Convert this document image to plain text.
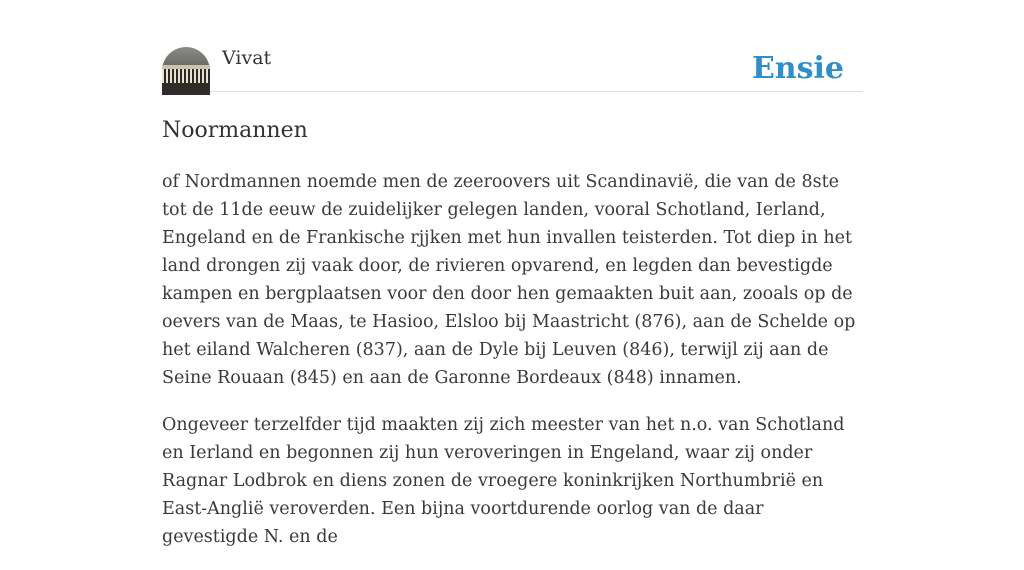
Vivat	Ensie
Noormannen

of Nordmannen noemde men de zeeroovers uit Scandinavië, die van de 8ste tot de 11de eeuw de zuidelijker gelegen landen, vooral Schotland, Ierland, Engeland en de Frankische rjjken met hun invallen teisterden. Tot diep in het land drongen zij vaak door, de rivieren opvarend, en legden dan bevestigde kampen en bergplaatsen voor den door hen gemaakten buit aan, zooals op de oevers van de Maas, te Hasioo, Elsloo bij Maastricht (876), aan de Schelde op het eiland Walcheren (837), aan de Dyle bij Leuven (846), terwijl zij aan de Seine Rouaan (845) en aan de Garonne Bordeaux (848) innamen.

Ongeveer terzelfder tijd maakten zij zich meester van het n.o. van Schotland en Ierland en begonnen zij hun veroveringen in Engeland, waar zij onder Ragnar Lodbrok en diens zonen de vroegere koninkrijken Northumbrië en East-Anglië veroverden. Een bijna voortdurende oorlog van de daar gevestigde N. en de
